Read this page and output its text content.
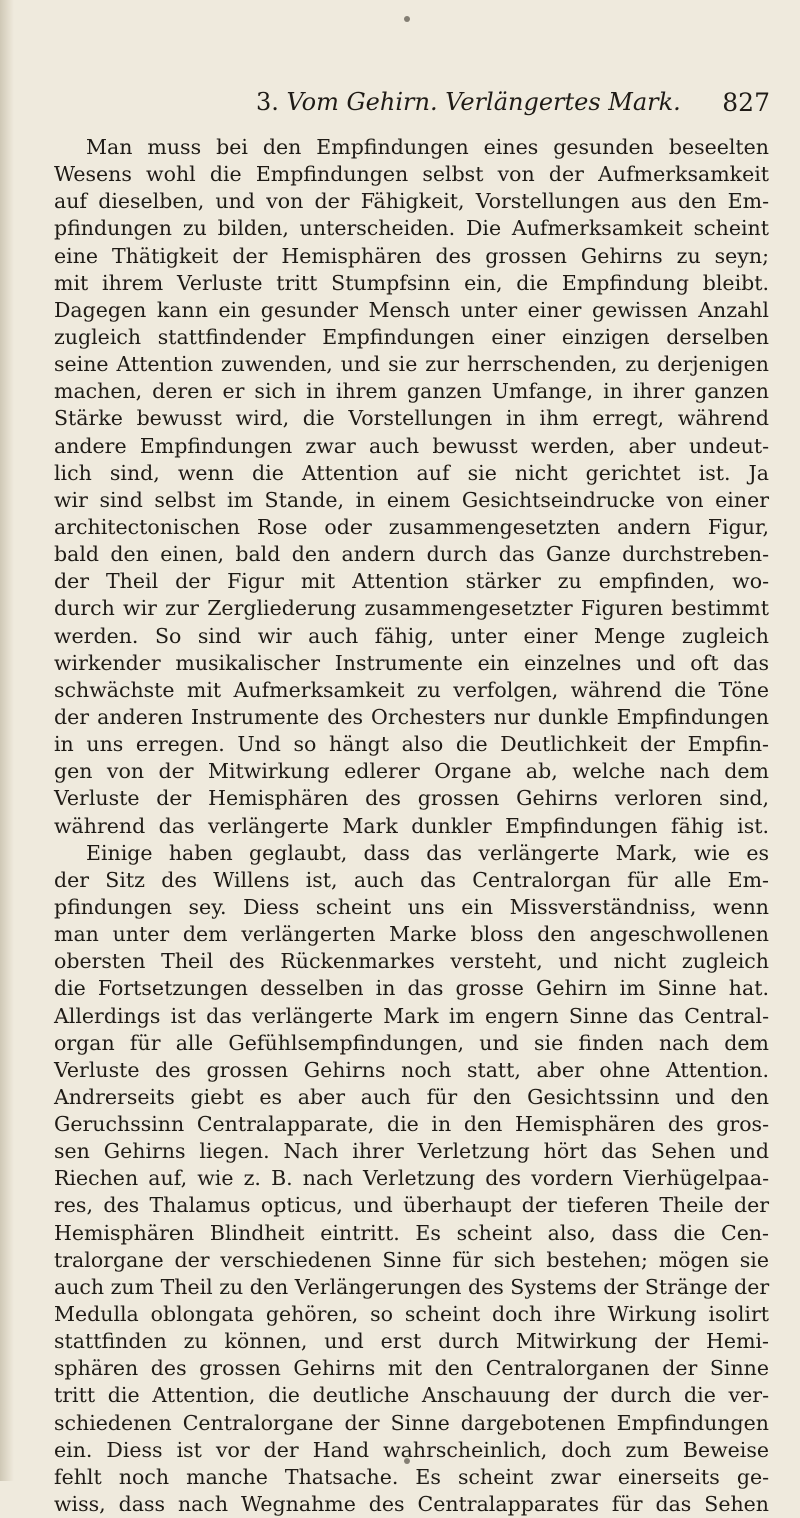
3. Vom Gehirn. Verlängertes Mark. 827
Man muss bei den Empfindungen eines gesunden beseelten
Wesens wohl die Empfindungen selbst von der Aufmerksamkeit
auf dieselben, und von der Fähigkeit, Vorstellungen aus den Em-
pfindungen zu bilden, unterscheiden. Die Aufmerksamkeit scheint
eine Thätigkeit der Hemisphären des grossen Gehirns zu seyn;
mit ihrem Verluste tritt Stumpfsinn ein, die Empfindung bleibt.
Dagegen kann ein gesunder Mensch unter einer gewissen Anzahl
zugleich stattfindender Empfindungen einer einzigen derselben
seine Attention zuwenden, und sie zur herrschenden, zu derjenigen
machen, deren er sich in ihrem ganzen Umfange, in ihrer ganzen
Stärke bewusst wird, die Vorstellungen in ihm erregt, während
andere Empfindungen zwar auch bewusst werden, aber undeut-
lich sind, wenn die Attention auf sie nicht gerichtet ist. Ja
wir sind selbst im Stande, in einem Gesichtseindrucke von einer
architectonischen Rose oder zusammengesetzten andern Figur,
bald den einen, bald den andern durch das Ganze durchstreben-
der Theil der Figur mit Attention stärker zu empfinden, wo-
durch wir zur Zergliederung zusammengesetzter Figuren bestimmt
werden. So sind wir auch fähig, unter einer Menge zugleich
wirkender musikalischer Instrumente ein einzelnes und oft das
schwächste mit Aufmerksamkeit zu verfolgen, während die Töne
der anderen Instrumente des Orchesters nur dunkle Empfindungen
in uns erregen. Und so hängt also die Deutlichkeit der Empfin-
gen von der Mitwirkung edlerer Organe ab, welche nach dem
Verluste der Hemisphären des grossen Gehirns verloren sind,
während das verlängerte Mark dunkler Empfindungen fähig ist.
Einige haben geglaubt, dass das verlängerte Mark, wie es
der Sitz des Willens ist, auch das Centralorgan für alle Em-
pfindungen sey. Diess scheint uns ein Missverständniss, wenn
man unter dem verlängerten Marke bloss den angeschwollenen
obersten Theil des Rückenmarkes versteht, und nicht zugleich
die Fortsetzungen desselben in das grosse Gehirn im Sinne hat.
Allerdings ist das verlängerte Mark im engern Sinne das Central-
organ für alle Gefühlsempfindungen, und sie finden nach dem
Verluste des grossen Gehirns noch statt, aber ohne Attention.
Andrerseits giebt es aber auch für den Gesichtssinn und den
Geruchssinn Centralapparate, die in den Hemisphären des gros-
sen Gehirns liegen. Nach ihrer Verletzung hört das Sehen und
Riechen auf, wie z. B. nach Verletzung des vordern Vierhügelpaa-
res, des Thalamus opticus, und überhaupt der tieferen Theile der
Hemisphären Blindheit eintritt. Es scheint also, dass die Cen-
tralorgane der verschiedenen Sinne für sich bestehen; mögen sie
auch zum Theil zu den Verlängerungen des Systems der Stränge der
Medulla oblongata gehören, so scheint doch ihre Wirkung isolirt
stattfinden zu können, und erst durch Mitwirkung der Hemi-
sphären des grossen Gehirns mit den Centralorganen der Sinne
tritt die Attention, die deutliche Anschauung der durch die ver-
schiedenen Centralorgane der Sinne dargebotenen Empfindungen
ein. Diess ist vor der Hand wahrscheinlich, doch zum Beweise
fehlt noch manche Thatsache. Es scheint zwar einerseits ge-
wiss, dass nach Wegnahme des Centralapparates für das Sehen
